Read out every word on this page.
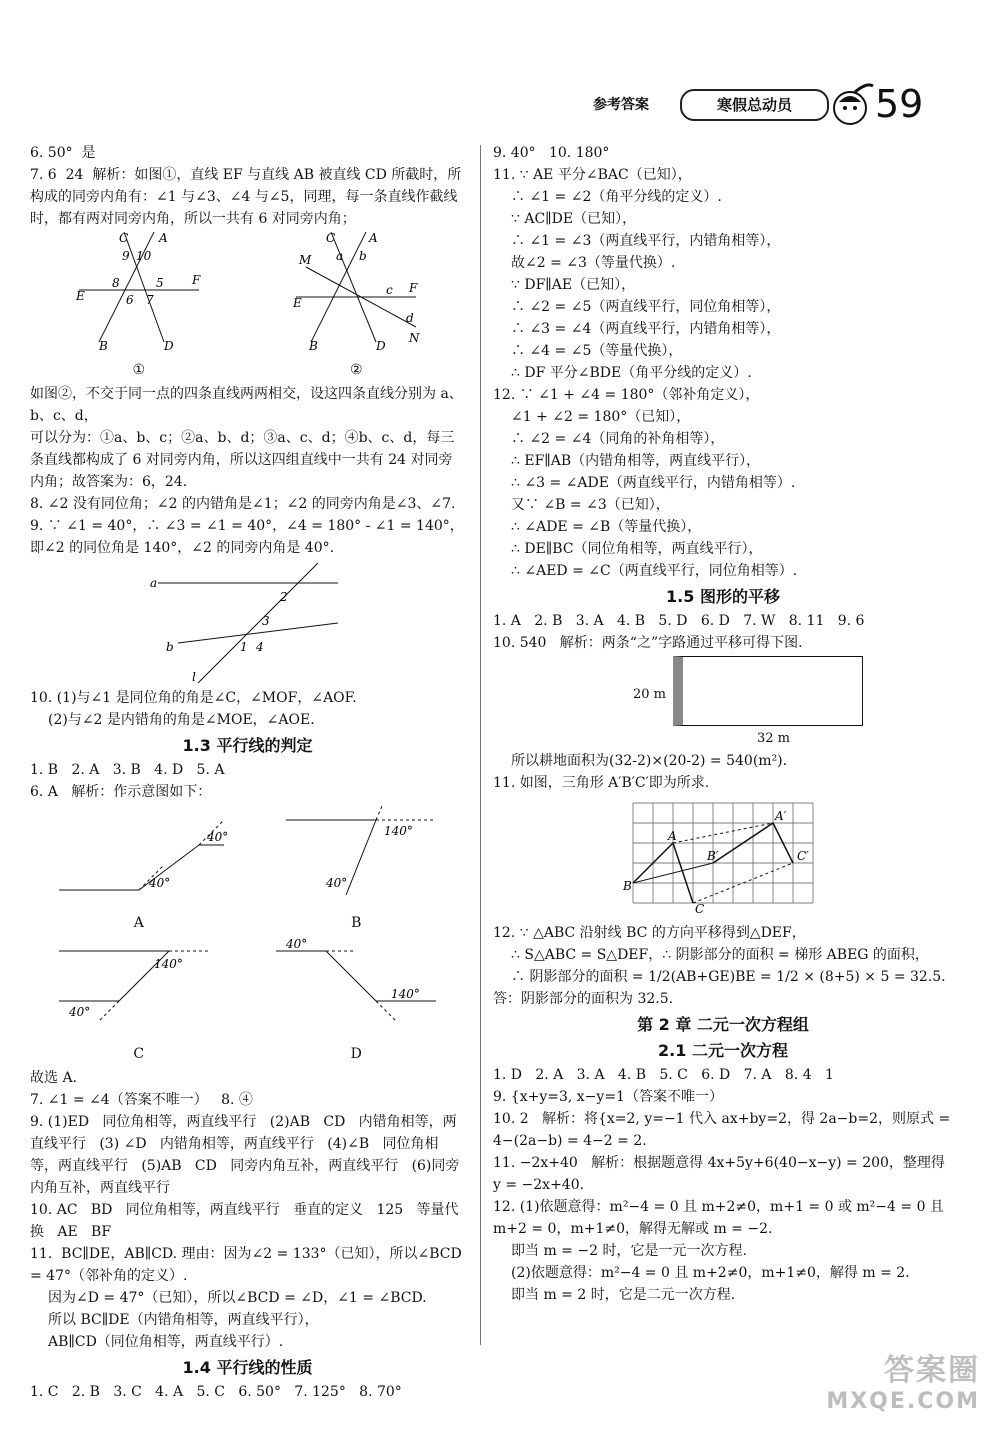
参考答案	寒假总动员	59

6. 50°  是

7. 6  24  解析：如图①，直线 EF 与直线 AB 被直线 CD 所截时，所构成的同旁内角有：∠1 与∠3、∠4 与∠5，同理，每一条直线作截线时，都有两对同旁内角，所以一共有 6 对同旁内角；

C	A
E
F
B	D
9 10
8	5
6 7
①
C	A
M
E
F
N
a b
c
d
B	D
②

如图②，不交于同一点的四条直线两两相交，设这四条直线分别为 a、b、c、d，

可以分为：①a、b、c；②a、b、d；③a、c、d；④b、c、d，每三条直线都构成了 6 对同旁内角，所以这四组直线中一共有 24 对同旁内角；故答案为：6，24.

8. ∠2 没有同位角；∠2 的内错角是∠1；∠2 的同旁内角是∠3、∠7.

9. ∵ ∠1 = 40°，∴ ∠3 = ∠1 = 40°，∠4 = 180° - ∠1 = 140°，即∠2 的同位角是 140°，∠2 的同旁内角是 40°.

a
b
l
2
3
1 4

10. (1)与∠1 是同位角的角是∠C，∠MOF，∠AOF.

(2)与∠2 是内错角的角是∠MOE，∠AOE.

1.3 平行线的判定

1. B   2. A   3. B   4. D   5. A

6. A   解析：作示意图如下：

40°
40°
A
140°
40°
B
140°
40°
C
40°
140°
D

故选 A.

7. ∠1 = ∠4（答案不唯一）   8. ④

9. (1)ED   同位角相等，两直线平行   (2)AB   CD   内错角相等，两直线平行   (3) ∠D   内错角相等，两直线平行   (4)∠B   同位角相等，两直线平行   (5)AB   CD   同旁内角互补，两直线平行   (6)同旁内角互补，两直线平行

10. AC   BD   同位角相等，两直线平行   垂直的定义   125   等量代换   AE   BF

11.  BC∥DE，AB∥CD. 理由：因为∠2 = 133°（已知），所以∠BCD = 47°（邻补角的定义）.

因为∠D = 47°（已知），所以∠BCD = ∠D，∠1 = ∠BCD.

所以 BC∥DE（内错角相等，两直线平行），

AB∥CD（同位角相等，两直线平行）.

1.4 平行线的性质

1. C   2. B   3. C   4. A   5. C   6. 50°   7. 125°   8. 70°

9. 40°   10. 180°

11. ∵ AE 平分∠BAC（已知），

∴ ∠1 = ∠2（角平分线的定义）.

∵ AC∥DE（已知），

∴ ∠1 = ∠3（两直线平行，内错角相等），

故∠2 = ∠3（等量代换）.

∵ DF∥AE（已知），

∴ ∠2 = ∠5（两直线平行，同位角相等），

∴ ∠3 = ∠4（两直线平行，内错角相等），

∴ ∠4 = ∠5（等量代换），

∴ DF 平分∠BDE（角平分线的定义）.

12. ∵ ∠1 + ∠4 = 180°（邻补角定义），

∠1 + ∠2 = 180°（已知），

∴ ∠2 = ∠4（同角的补角相等），

∴ EF∥AB（内错角相等，两直线平行），

∴ ∠3 = ∠ADE（两直线平行，内错角相等）.

又∵ ∠B = ∠3（已知），

∴ ∠ADE = ∠B（等量代换），

∴ DE∥BC（同位角相等，两直线平行），

∴ ∠AED = ∠C（两直线平行，同位角相等）.

1.5 图形的平移

1. A   2. B   3. A   4. B   5. D   6. D   7. W   8. 11   9. 6

10. 540   解析：两条“之”字路通过平移可得下图.

20 m
32 m

所以耕地面积为(32-2)×(20-2) = 540(m²).

11. 如图，三角形 A′B′C′即为所求.

B
A
C
B′
A′
C′

12. ∵ △ABC 沿射线 BC 的方向平移得到△DEF，

∴ S△ABC = S△DEF，∴ 阴影部分的面积 = 梯形 ABEG 的面积，

∴ 阴影部分的面积 = 1/2(AB+GE)BE = 1/2 × (8+5) × 5 = 32.5.

答：阴影部分的面积为 32.5.

第 2 章 二元一次方程组
2.1 二元一次方程

1. D   2. A   3. A   4. B   5. C   6. D   7. A   8. 4   1

9. {x+y=3, x−y=1（答案不唯一）

10. 2   解析：将{x=2, y=−1 代入 ax+by=2，得 2a−b=2，则原式 = 4−(2a−b) = 4−2 = 2.

11. −2x+40   解析：根据题意得 4x+5y+6(40−x−y) = 200，整理得 y = −2x+40.

12. (1)依题意得：m²−4 = 0 且 m+2≠0，m+1 = 0 或 m²−4 = 0 且 m+2 = 0，m+1≠0，解得无解或 m = −2.

即当 m = −2 时，它是一元一次方程.

(2)依题意得：m²−4 = 0 且 m+2≠0，m+1≠0，解得 m = 2.

即当 m = 2 时，它是二元一次方程.

答案圈
MXQE.COM
